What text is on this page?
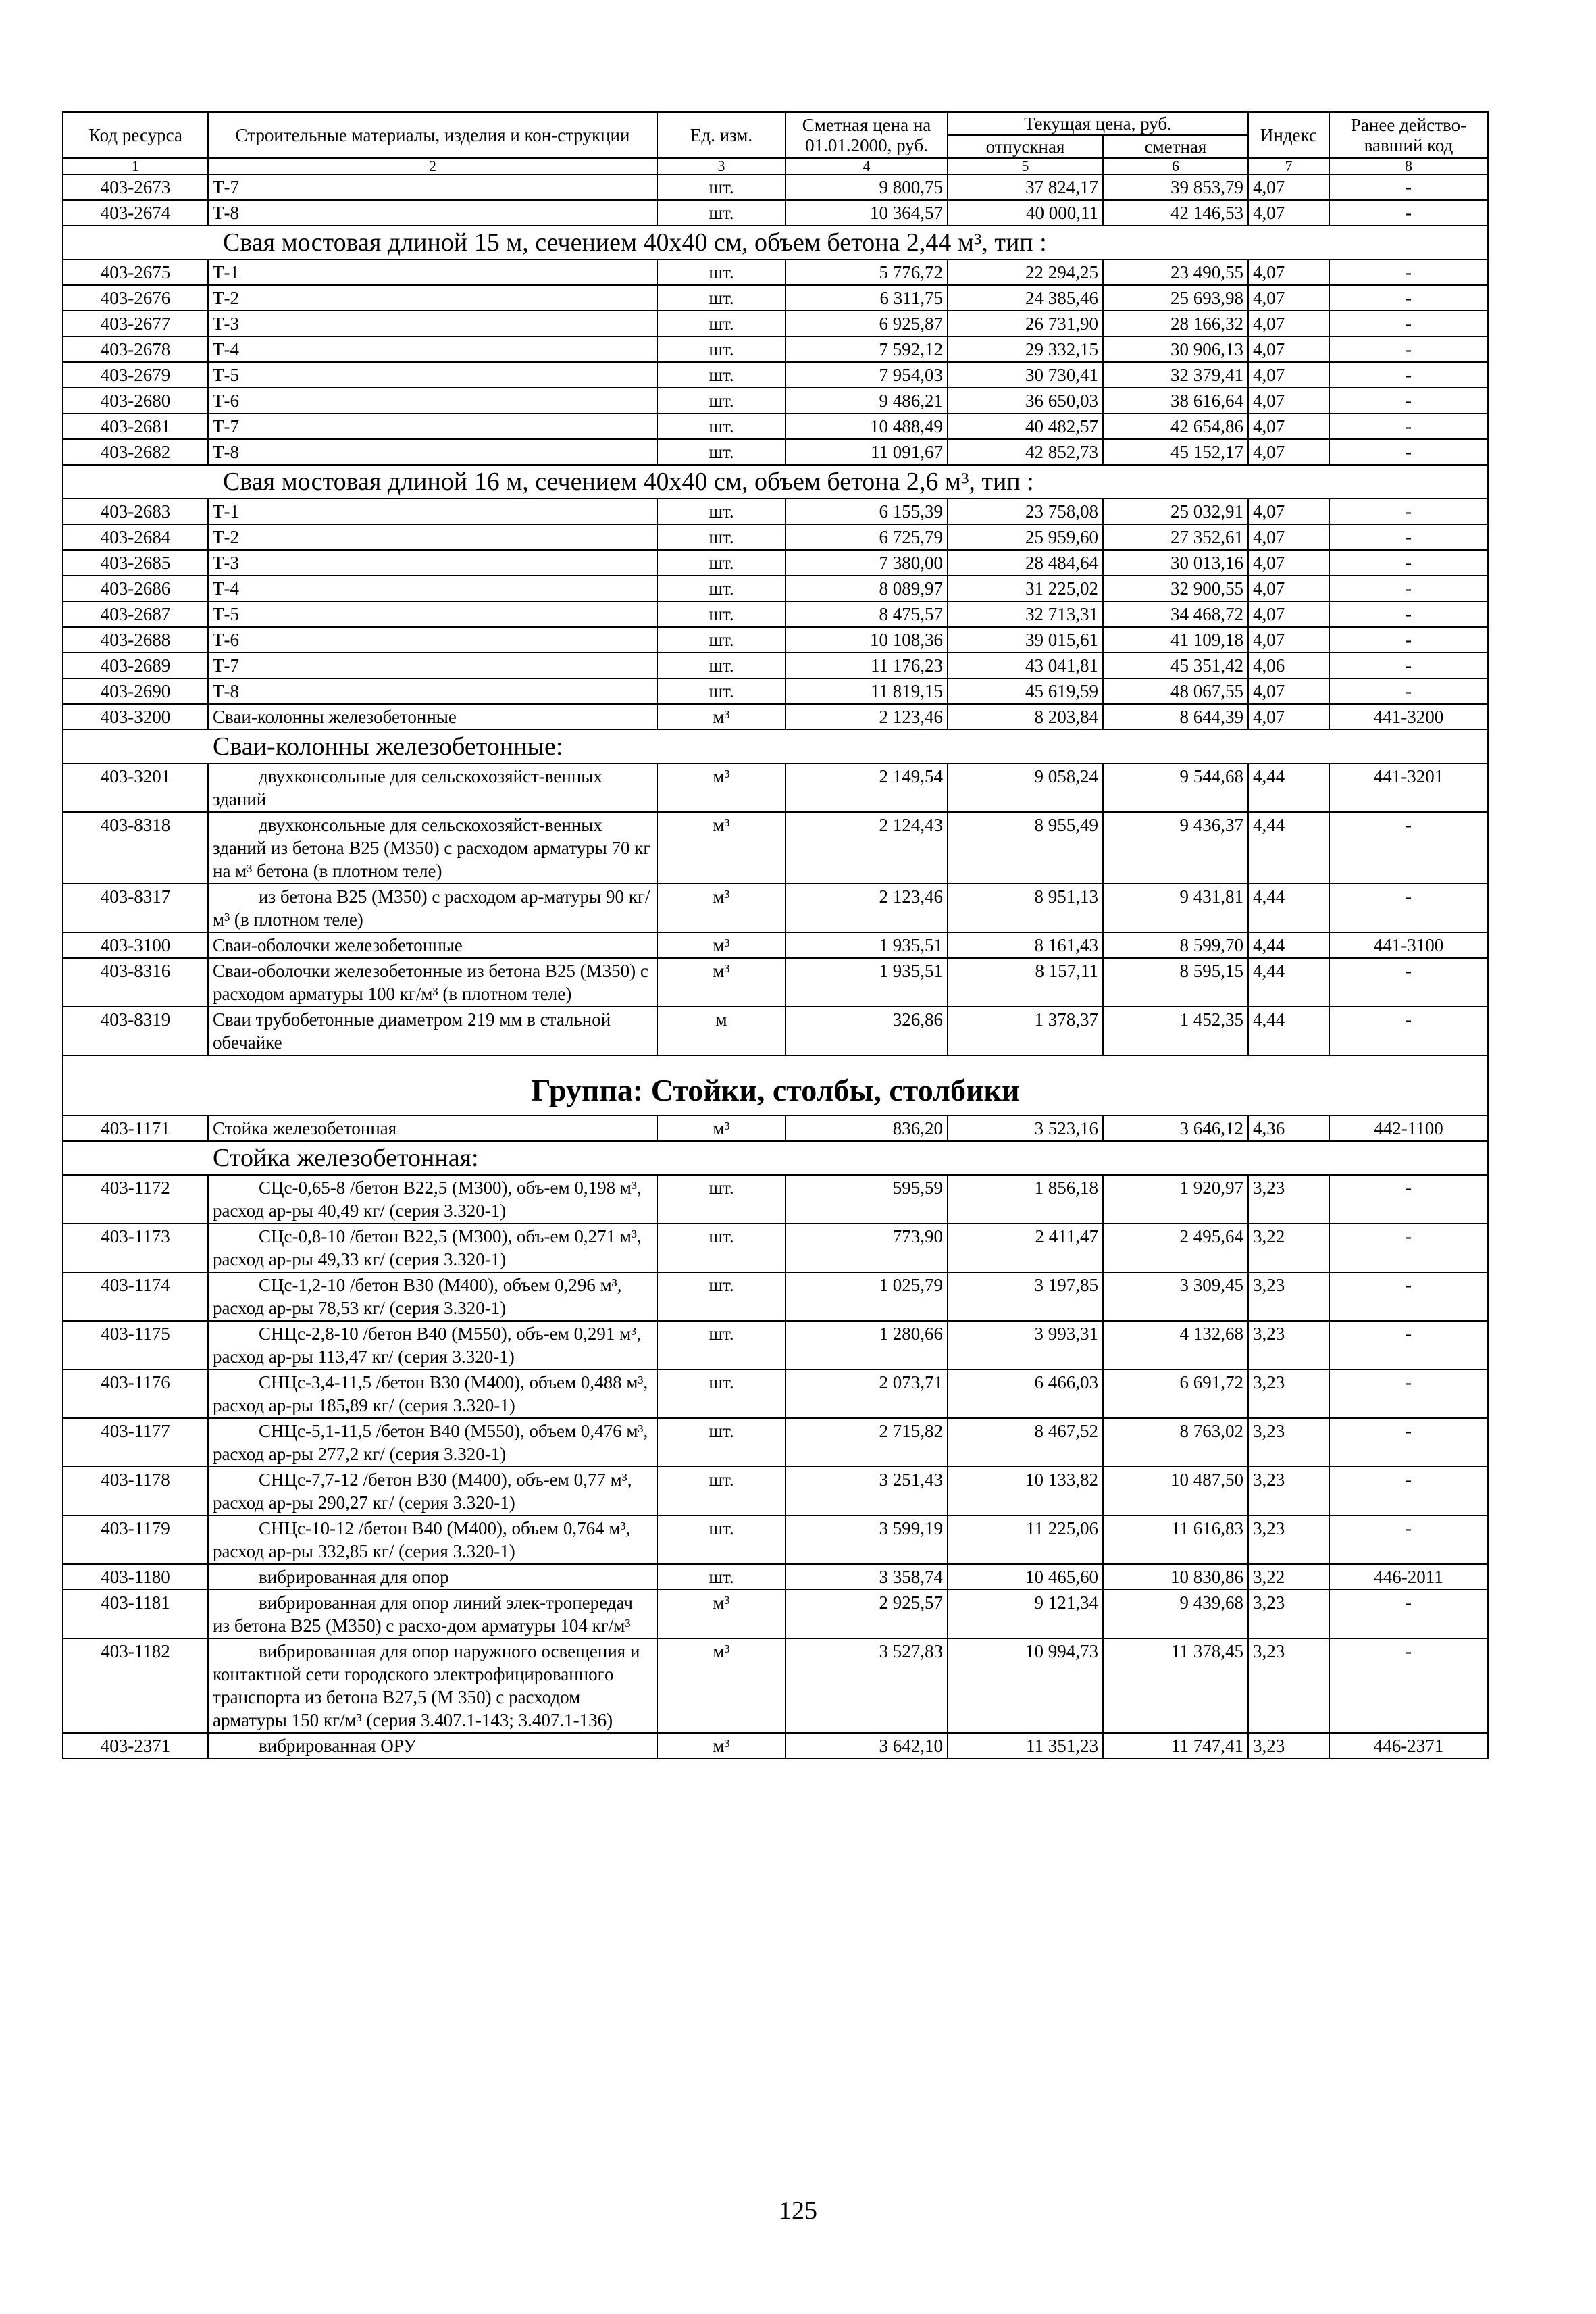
Код ресурса	Строительные материалы, изделия и кон-струкции	Ед. изм.	Сметная цена на 01.01.2000, руб.	Текущая цена, руб.		Индекс	Ранее действо-вавший код
				отпускная	сметная		
1	2	3	4	5	6	7	8
403-2673	Т-7	шт.	9 800,75	37 824,17	39 853,79	4,07	-
403-2674	Т-8	шт.	10 364,57	40 000,11	42 146,53	4,07	-
Свая мостовая длиной 15 м, сечением 40х40 см, объем бетона 2,44 м³, тип :							
403-2675	Т-1	шт.	5 776,72	22 294,25	23 490,55	4,07	-
403-2676	Т-2	шт.	6 311,75	24 385,46	25 693,98	4,07	-
403-2677	Т-3	шт.	6 925,87	26 731,90	28 166,32	4,07	-
403-2678	Т-4	шт.	7 592,12	29 332,15	30 906,13	4,07	-
403-2679	Т-5	шт.	7 954,03	30 730,41	32 379,41	4,07	-
403-2680	Т-6	шт.	9 486,21	36 650,03	38 616,64	4,07	-
403-2681	Т-7	шт.	10 488,49	40 482,57	42 654,86	4,07	-
403-2682	Т-8	шт.	11 091,67	42 852,73	45 152,17	4,07	-
Свая мостовая длиной 16 м, сечением 40х40 см, объем бетона 2,6 м³, тип :							
403-2683	Т-1	шт.	6 155,39	23 758,08	25 032,91	4,07	-
403-2684	Т-2	шт.	6 725,79	25 959,60	27 352,61	4,07	-
403-2685	Т-3	шт.	7 380,00	28 484,64	30 013,16	4,07	-
403-2686	Т-4	шт.	8 089,97	31 225,02	32 900,55	4,07	-
403-2687	Т-5	шт.	8 475,57	32 713,31	34 468,72	4,07	-
403-2688	Т-6	шт.	10 108,36	39 015,61	41 109,18	4,07	-
403-2689	Т-7	шт.	11 176,23	43 041,81	45 351,42	4,06	-
403-2690	Т-8	шт.	11 819,15	45 619,59	48 067,55	4,07	-
403-3200	Сваи-колонны железобетонные	м³	2 123,46	8 203,84	8 644,39	4,07	441-3200
Сваи-колонны железобетонные:							
403-3201	двухконсольные для сельскохозяйст-венных зданий	м³	2 149,54	9 058,24	9 544,68	4,44	441-3201
403-8318	двухконсольные для сельскохозяйст-венных зданий из бетона В25 (М350) с расходом арматуры 70 кг на м³ бетона (в плотном теле)	м³	2 124,43	8 955,49	9 436,37	4,44	-
403-8317	из бетона В25 (М350) с расходом ар-матуры 90 кг/м³ (в плотном теле)	м³	2 123,46	8 951,13	9 431,81	4,44	-
403-3100	Сваи-оболочки железобетонные	м³	1 935,51	8 161,43	8 599,70	4,44	441-3100
403-8316	Сваи-оболочки железобетонные из бетона В25 (М350) с расходом арматуры 100 кг/м³ (в плотном теле)	м³	1 935,51	8 157,11	8 595,15	4,44	-
403-8319	Сваи трубобетонные диаметром 219 мм в стальной обечайке	м	326,86	1 378,37	1 452,35	4,44	-
Группа: Стойки, столбы, столбики							
403-1171	Стойка железобетонная	м³	836,20	3 523,16	3 646,12	4,36	442-1100
Стойка железобетонная:							
403-1172	СЦс-0,65-8 /бетон В22,5 (М300), объ-ем 0,198 м³, расход ар-ры 40,49 кг/ (серия 3.320-1)	шт.	595,59	1 856,18	1 920,97	3,23	-
403-1173	СЦс-0,8-10 /бетон В22,5 (М300), объ-ем 0,271 м³, расход ар-ры 49,33 кг/ (серия 3.320-1)	шт.	773,90	2 411,47	2 495,64	3,22	-
403-1174	СЦс-1,2-10 /бетон В30 (М400), объем 0,296 м³, расход ар-ры 78,53 кг/ (серия 3.320-1)	шт.	1 025,79	3 197,85	3 309,45	3,23	-
403-1175	СНЦс-2,8-10 /бетон В40 (М550), объ-ем 0,291 м³, расход ар-ры 113,47 кг/ (серия 3.320-1)	шт.	1 280,66	3 993,31	4 132,68	3,23	-
403-1176	СНЦс-3,4-11,5 /бетон В30 (М400), объем 0,488 м³, расход ар-ры 185,89 кг/ (серия 3.320-1)	шт.	2 073,71	6 466,03	6 691,72	3,23	-
403-1177	СНЦс-5,1-11,5 /бетон В40 (М550), объем 0,476 м³, расход ар-ры 277,2 кг/ (серия 3.320-1)	шт.	2 715,82	8 467,52	8 763,02	3,23	-
403-1178	СНЦс-7,7-12 /бетон В30 (М400), объ-ем 0,77 м³, расход ар-ры 290,27 кг/ (серия 3.320-1)	шт.	3 251,43	10 133,82	10 487,50	3,23	-
403-1179	СНЦс-10-12 /бетон В40 (М400), объем 0,764 м³, расход ар-ры 332,85 кг/ (серия 3.320-1)	шт.	3 599,19	11 225,06	11 616,83	3,23	-
403-1180	вибрированная для опор	шт.	3 358,74	10 465,60	10 830,86	3,22	446-2011
403-1181	вибрированная для опор линий элек-тропередач из бетона В25 (М350) с расхо-дом арматуры 104 кг/м³	м³	2 925,57	9 121,34	9 439,68	3,23	-
403-1182	вибрированная для опор наружного освещения и контактной сети городского электрофицированного транспорта из бетона В27,5 (М 350) с расходом арматуры 150 кг/м³ (серия 3.407.1-143; 3.407.1-136)	м³	3 527,83	10 994,73	11 378,45	3,23	-
403-2371	вибрированная ОРУ	м³	3 642,10	11 351,23	11 747,41	3,23	446-2371
125
